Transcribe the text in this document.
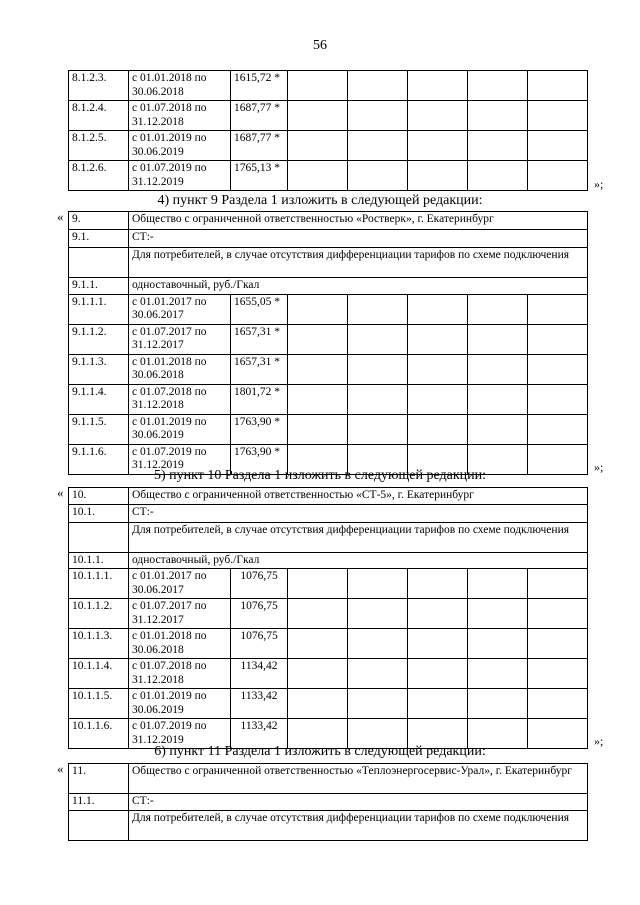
56
8.1.2.3.	с 01.01.2018 по 30.06.2018	1615,72 *					
8.1.2.4.	с 01.07.2018 по 31.12.2018	1687,77 *					
8.1.2.5.	с 01.01.2019 по 30.06.2019	1687,77 *					
8.1.2.6.	с 01.07.2019 по 31.12.2019	1765,13 *					
»;
4) пункт 9 Раздела 1 изложить в следующей редакции:
« 9.	Общество с ограниченной ответственностью «Ростверк», г. Екатеринбург						
9.1.	СТ:-						
	Для потребителей, в случае отсутствия дифференциации тарифов по схеме подключения						
9.1.1.	одноставочный, руб./Гкал						
9.1.1.1.	с 01.01.2017 по 30.06.2017	1655,05 *					
9.1.1.2.	с 01.07.2017 по 31.12.2017	1657,31 *					
9.1.1.3.	с 01.01.2018 по 30.06.2018	1657,31 *					
9.1.1.4.	с 01.07.2018 по 31.12.2018	1801,72 *					
9.1.1.5.	с 01.01.2019 по 30.06.2019	1763,90 *					
9.1.1.6.	с 01.07.2019 по 31.12.2019	1763,90 *					
»;
5) пункт 10 Раздела 1 изложить в следующей редакции:
« 10.	Общество с ограниченной ответственностью «СТ-5», г. Екатеринбург						
10.1.	СТ:-						
	Для потребителей, в случае отсутствия дифференциации тарифов по схеме подключения						
10.1.1.	одноставочный, руб./Гкал						
10.1.1.1.	с 01.01.2017 по 30.06.2017	1076,75					
10.1.1.2.	с 01.07.2017 по 31.12.2017	1076,75					
10.1.1.3.	с 01.01.2018 по 30.06.2018	1076,75					
10.1.1.4.	с 01.07.2018 по 31.12.2018	1134,42					
10.1.1.5.	с 01.01.2019 по 30.06.2019	1133,42					
10.1.1.6.	с 01.07.2019 по 31.12.2019	1133,42					
»;
6) пункт 11 Раздела 1 изложить в следующей редакции:
« 11.	Общество с ограниченной ответственностью «Теплоэнергосервис-Урал», г. Екатеринбург
11.1.	СТ:-
	Для потребителей, в случае отсутствия дифференциации тарифов по схеме подключения
